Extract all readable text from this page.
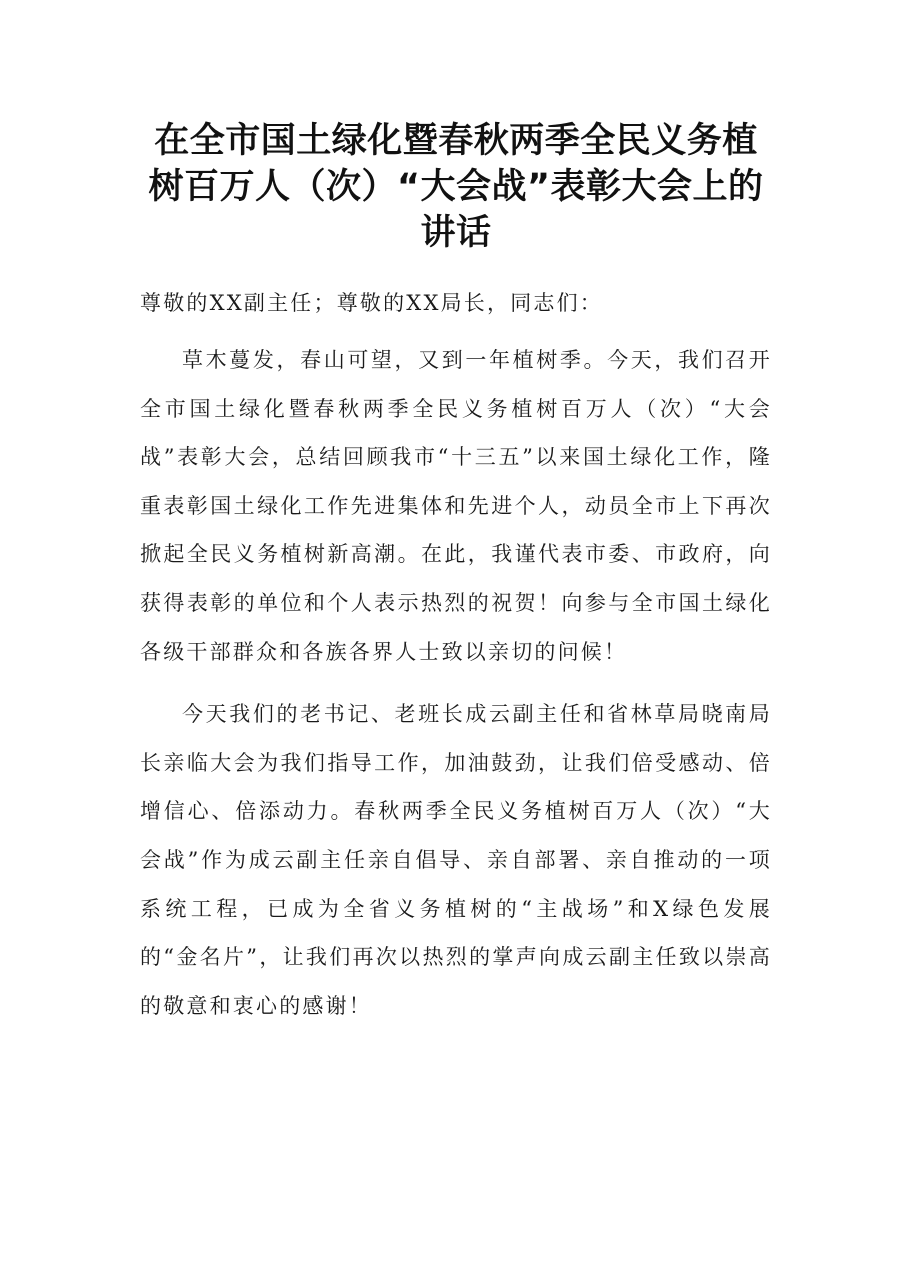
在全市国土绿化暨春秋两季全民义务植树百万人（次）“大会战”表彰大会上的讲话

尊敬的XX副主任；尊敬的XX局长，同志们：

草木蔓发，春山可望，又到一年植树季。今天，我们召开全市国土绿化暨春秋两季全民义务植树百万人（次）“大会战”表彰大会，总结回顾我市“十三五”以来国土绿化工作，隆重表彰国土绿化工作先进集体和先进个人，动员全市上下再次掀起全民义务植树新高潮。在此，我谨代表市委、市政府，向获得表彰的单位和个人表示热烈的祝贺！向参与全市国土绿化各级干部群众和各族各界人士致以亲切的问候！

今天我们的老书记、老班长成云副主任和省林草局晓南局长亲临大会为我们指导工作，加油鼓劲，让我们倍受感动、倍增信心、倍添动力。春秋两季全民义务植树百万人（次）“大会战”作为成云副主任亲自倡导、亲自部署、亲自推动的一项系统工程，已成为全省义务植树的“主战场”和X绿色发展的“金名片”，让我们再次以热烈的掌声向成云副主任致以崇高的敬意和衷心的感谢！
